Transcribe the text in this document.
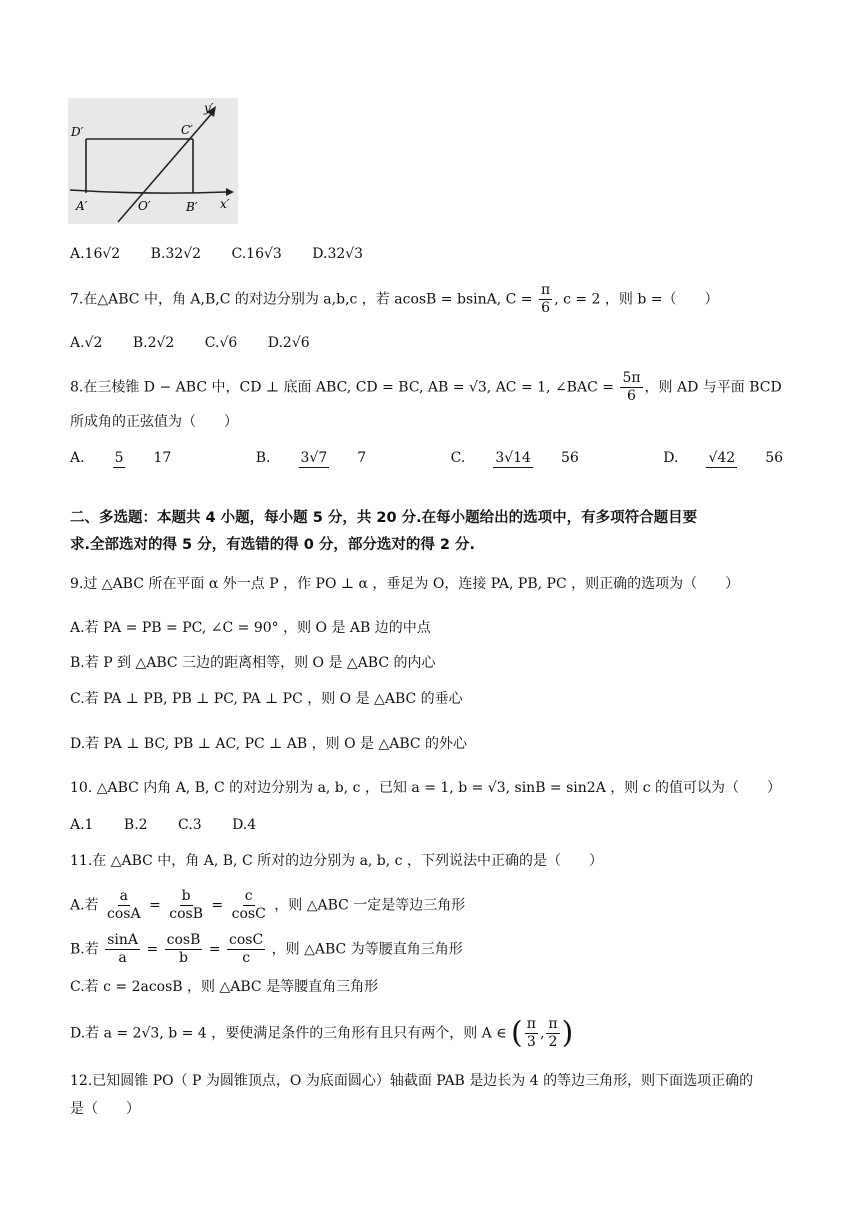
D′	C′
y′
A′	O′	B′ x′
A.16√2 B.32√2 C.16√3 D.32√3
7.在△ABC 中，角 A,B,C 的对边分别为 a,b,c ，若 acosB = bsinA, $C = \frac{\pi}{6}$ , c = 2 ，则 b =（　　）
A.√2 B.2√2 C.√6 D.2√6
8.在三棱锥 D − ABC 中，CD ⊥ 底面 ABC, CD = BC, AB = √3, AC = 1, ∠BAC = $\frac{5\pi}{6}$ ，则 AD 与平面 BCD
所成角的正弦值为（　　）
A. 5 17	B. 3√7 7	C. 3√14 56	D. √42 56
二、多选题：本题共 4 小题，每小题 5 分，共 20 分.在每小题给出的选项中，有多项符合题目要
求.全部选对的得 5 分，有选错的得 0 分，部分选对的得 2 分.
9.过 △ABC 所在平面 α 外一点 P ，作 PO ⊥ α ，垂足为 O，连接 PA, PB, PC ，则正确的选项为（　　）
A.若 PA = PB = PC, ∠C = 90° ，则 O 是 AB 边的中点
B.若 P 到 △ABC 三边的距离相等，则 O 是 △ABC 的内心
C.若 PA ⊥ PB, PB ⊥ PC, PA ⊥ PC ，则 O 是 △ABC 的垂心
D.若 PA ⊥ BC, PB ⊥ AC, PC ⊥ AB ，则 O 是 △ABC 的外心
10. △ABC 内角 A, B, C 的对边分别为 a, b, c ，已知 a = 1, b = √3, sinB = sin2A ，则 c 的值可以为（　　）
A.1 B.2 C.3 D.4
11.在 △ABC 中，角 A, B, C 所对的边分别为 a, b, c ，下列说法中正确的是（　　）
A.若 $\frac{a}{\cos A} = \frac{b}{\cos B} = \frac{c}{\cos C}$ ，则 △ABC 一定是等边三角形
B.若 $\frac{\sin A}{a} = \frac{\cos B}{b} = \frac{\cos C}{c}$ ，则 △ABC 为等腰直角三角形
C.若 c = 2acosB ，则 △ABC 是等腰直角三角形
D.若 a = 2√3, b = 4 ，要使满足条件的三角形有且只有两个，则 A ∈ ( $\frac{\pi}{3}$ , $\frac{\pi}{2}$ )
12.已知圆锥 PO（ P 为圆锥顶点，O 为底面圆心）轴截面 PAB 是边长为 4 的等边三角形，则下面选项正确的
是（　　）
